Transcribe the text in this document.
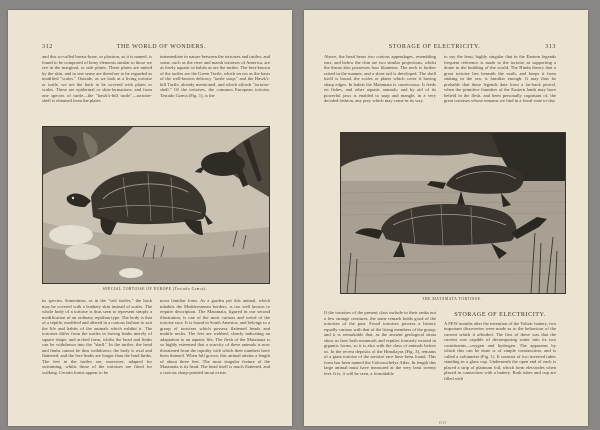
312	THE WORLD OF WONDERS.
and this so-called breast-bone, or plastron, as it is named, is found to be composed of bony elements similar to those we see in the marginal, or side plates. These plates are united by the skin, and in one sense are therefore to be regarded as modified "scales." Outside, as we look at a living tortoise or turtle, we see the back to be covered with plates or scales. These are epidermal or skin-formations; and from one species of turtle—the "hawk's-bill turtle"—tortoise-shell is obtained from the plates
intermediate in nature between the tortoises and turtles; and some, such as the river and marsh tortoises of America, are as freely aquatic in habits as are the turtles. The best-known of the turtles are the Green Turtle, which serves as the basis of the well-known delicacy "turtle soup;" and the Hawk's-bill Turtle, already mentioned, and which affords "tortoise-shell." Of the tortoises, the common European tortoise, Testudo Græca (Fig. 1), is the
SPECIAL TORTOISE OF EUROPE (Testudo Græca).
its species. Sometimes, as in the "soft turtles," the back may be covered with a leathery skin instead of scales. The whole body of a tortoise is thus seen to represent simply a modification of an ordinary reptilian type. The body is that of a reptile, modified and altered in a curious fashion to suit the life and habits of the animals which exhibit it. The tortoises differ from the turtles in having limbs merely of square shape, and arched form, whilst the head and limbs can be withdrawn into the "shell." In the turtles, the head and limbs cannot be thus withdrawn; the body is oval and flattened, and the fore limbs are longer than the hind limbs. The feet in the turtles are, moreover, adapted for swimming, whilst those of the tortoises are fitted for walking. Certain forms appear to be
most familiar form. As a garden pet this animal, which inhabits the Mediterranean borders, is too well known to require description. The Matamata, figured in our second illustration, is one of the most curious and weird of the tortoise race. It is found in South America, and belongs to a group of tortoises which possess flattened heads and mobile necks. The feet are webbed, clearly indicating an adaptation to an aquatic life. The flesh of the Matamata is so highly esteemed that a scarcity of these animals is now threatened from the rapidity with which their numbers have been thinned. When full grown, this animal attains a length of about three feet. The most singular feature of the Matamata is its head. The head itself is much flattened, and a curious sharp-pointed snout exists.
STORAGE OF ELECTRICITY.	313
Above, the head bears two curious appendages, resembling ears, and below the chin are two similar projections, whilst the throat also possesses four filaments. The neck is further raised in the manner, and a short tail is developed. The shell itself is broad, the scales or plates which cover it having sharp edges. In habits the Matamata is carnivorous. It feeds on fishes, and other aquatic animals; and by aid of its powerful jaws is enabled to snap and mangle, in a very decided fashion, any prey which may come in its way.
to say the least, highly singular that in the Eastern legends frequent reference is made to the tortoise as supporting a dome in the building of the world. The Hindu theory that a great tortoise lies beneath the earth, and keeps it from sinking in the sea, is familiar enough. It may thus be probable that these legends date from a far-back period, when the primitive founders of the Eastern lands may have beheld in the flesh, and been personally cognisant of, the great tortoises whose remains we find in a fossil state to-day.
THE MATAMATA TORTOISE.
If the tortoises of the present class include in their ranks not a few strange creatures, the same remark holds good of the tortoises of the past. Fossil tortoises possess a history equally curious with that of the living members of the group; and it is remarkable that, as the ancient geological strata show us how both mammals and reptiles formerly existed in gigantic forms, so it is also with the class of animals before us. In the recent deposits of the Himalayas (Fig. 3), remains of a giant tortoise of the tortoise race have been found. This form has been named the Colossochelys Atlas. In length this large animal must have measured at the very least twenty feet. It is, it will be seen, a formidable
STORAGE OF ELECTRICITY.
A FEW months after the invention of the Voltaic battery, two important discoveries were made as to the behaviour of the current which it afforded. The first of these was that the current was capable of decomposing water into its two constituents—oxygen and hydrogen. The apparatus by which this can be done is of simple construction, and is called a voltameter (Fig. 1). It consists of two inverted tubes standing in a glass cup. Underneath the open end of each is placed a strip of platinum foil, which form electrodes when placed in connection with a battery. Both tubes and cup are filled with
O O
